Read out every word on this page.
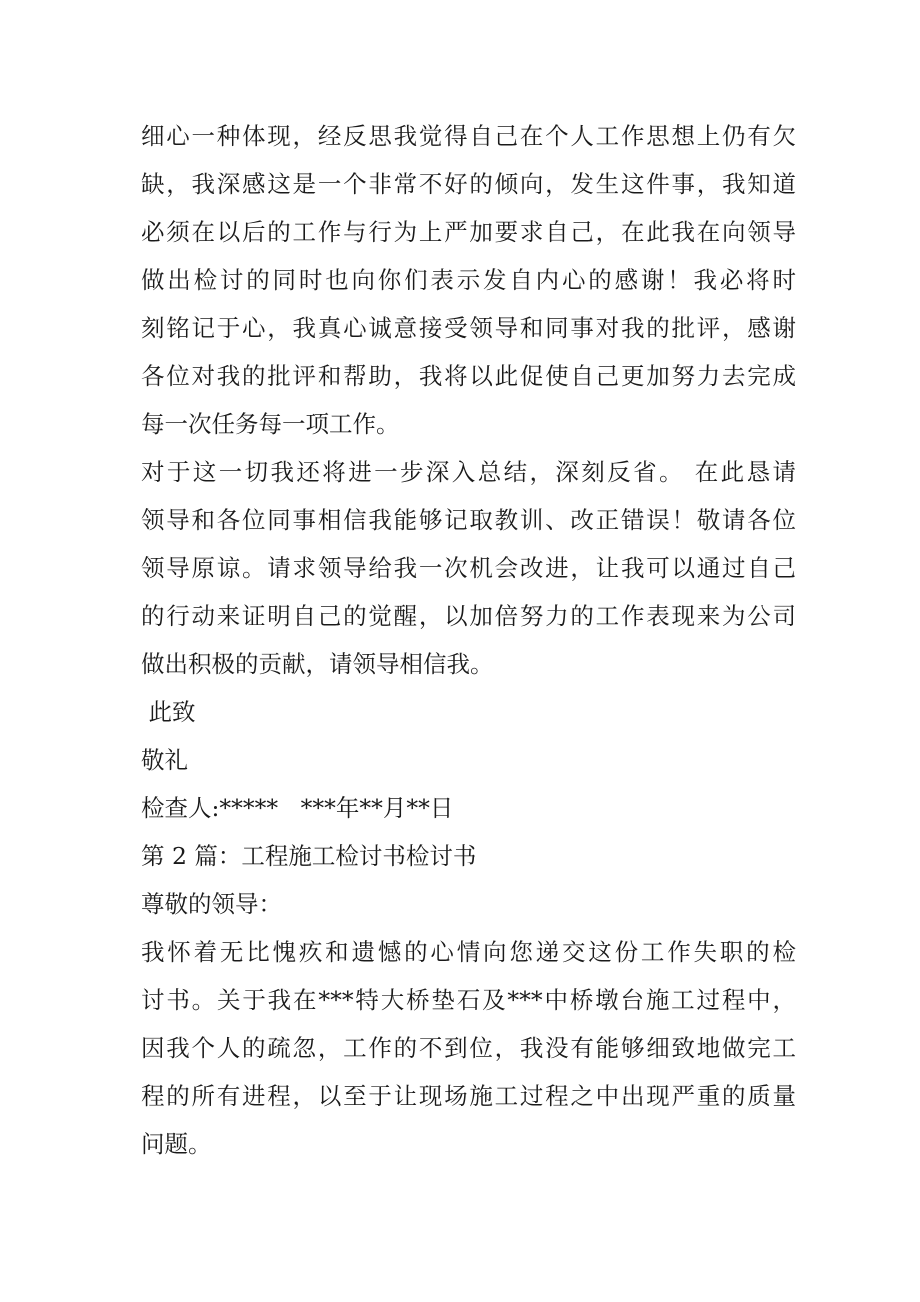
细心一种体现，经反思我觉得自己在个人工作思想上仍有欠
缺，我深感这是一个非常不好的倾向，发生这件事，我知道
必须在以后的工作与行为上严加要求自己，在此我在向领导
做出检讨的同时也向你们表示发自内心的感谢！我必将时
刻铭记于心，我真心诚意接受领导和同事对我的批评，感谢
各位对我的批评和帮助，我将以此促使自己更加努力去完成
每一次任务每一项工作。
对于这一切我还将进一步深入总结，深刻反省。 在此恳请
领导和各位同事相信我能够记取教训、改正错误！敬请各位
领导原谅。请求领导给我一次机会改进，让我可以通过自己
的行动来证明自己的觉醒，以加倍努力的工作表现来为公司
做出积极的贡献，请领导相信我。
此致
敬礼
检查人:*****   ***年**月**日
第 2 篇：工程施工检讨书检讨书
尊敬的领导：
我怀着无比愧疚和遗憾的心情向您递交这份工作失职的检
讨书。关于我在***特大桥垫石及***中桥墩台施工过程中，
因我个人的疏忽，工作的不到位，我没有能够细致地做完工
程的所有进程，以至于让现场施工过程之中出现严重的质量
问题。
